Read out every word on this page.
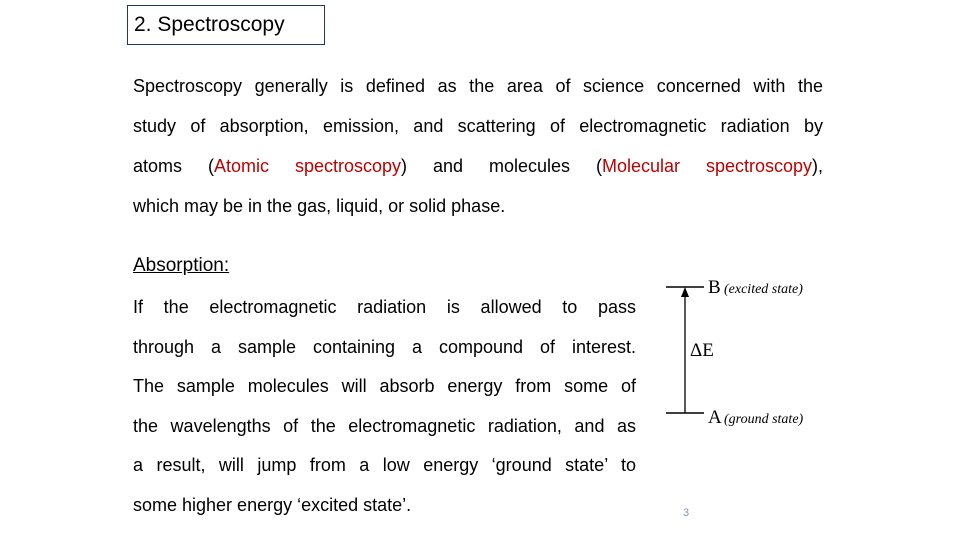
2. Spectroscopy
Spectroscopy generally is defined as the area of science concerned with the
study of absorption, emission, and scattering of electromagnetic radiation by
atoms (Atomic spectroscopy) and molecules (Molecular spectroscopy),
which may be in the gas, liquid, or solid phase.
Absorption:
If the electromagnetic radiation is allowed to pass
through a sample containing a compound of interest.
The sample molecules will absorb energy from some of
the wavelengths of the electromagnetic radiation, and as
a result, will jump from a low energy ‘ground state’ to
some higher energy ‘excited state’.
B (excited state)
ΔE
A (ground state)
3
